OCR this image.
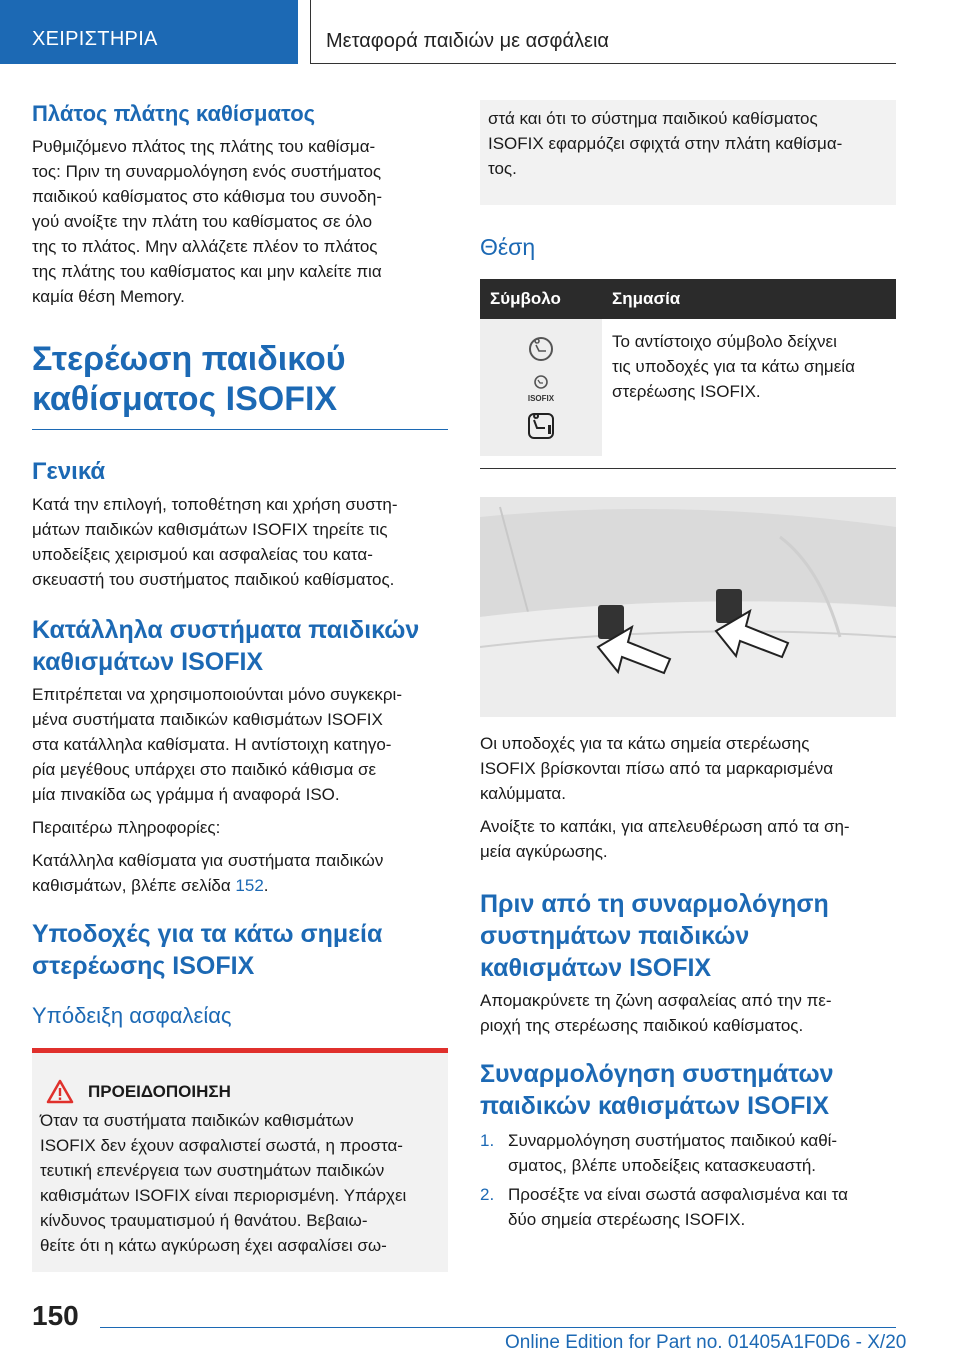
ΧΕΙΡΙΣΤΗΡΙΑ	Μεταφορά παιδιών με ασφάλεια
Πλάτος πλάτης καθίσματος

Ρυθμιζόμενο πλάτος της πλάτης του καθίσμα-
τος: Πριν τη συναρμολόγηση ενός συστήματος
παιδικού καθίσματος στο κάθισμα του συνοδη-
γού ανοίξτε την πλάτη του καθίσματος σε όλο
της το πλάτος. Μην αλλάζετε πλέον το πλάτος
της πλάτης του καθίσματος και μην καλείτε πια
καμία θέση Memory.

Στερέωση παιδικού
καθίσματος ISOFIX
Γενικά

Κατά την επιλογή, τοποθέτηση και χρήση συστη-
μάτων παιδικών καθισμάτων ISOFIX τηρείτε τις
υποδείξεις χειρισμού και ασφαλείας του κατα-
σκευαστή του συστήματος παιδικού καθίσματος.

Κατάλληλα συστήματα παιδικών
καθισμάτων ISOFIX

Επιτρέπεται να χρησιμοποιούνται μόνο συγκεκρι-
μένα συστήματα παιδικών καθισμάτων ISOFIX
στα κατάλληλα καθίσματα. Η αντίστοιχη κατηγο-
ρία μεγέθους υπάρχει στο παιδικό κάθισμα σε
μία πινακίδα ως γράμμα ή αναφορά ISO.

Περαιτέρω πληροφορίες:

Κατάλληλα καθίσματα για συστήματα παιδικών
καθισμάτων, βλέπε σελίδα 152.

Υποδοχές για τα κάτω σημεία
στερέωσης ISOFIX
Υπόδειξη ασφαλείας
ΠΡΟΕΙΔΟΠΟΙΗΣΗ

Όταν τα συστήματα παιδικών καθισμάτων
ISOFIX δεν έχουν ασφαλιστεί σωστά, η προστα-
τευτική επενέργεια των συστημάτων παιδικών
καθισμάτων ISOFIX είναι περιορισμένη. Υπάρχει
κίνδυνος τραυματισμού ή θανάτου. Βεβαιω-
θείτε ότι η κάτω αγκύρωση έχει ασφαλίσει σω-

στά και ότι το σύστημα παιδικού καθίσματος
ISOFIX εφαρμόζει σφιχτά στην πλάτη καθίσμα-
τος.

Θέση
Σύμβολο	Σημασία

ISOFIX	Το αντίστοιχο σύμβολο δείχνει
τις υποδοχές για τα κάτω σημεία
στερέωσης ISOFIX.

Οι υποδοχές για τα κάτω σημεία στερέωσης
ISOFIX βρίσκονται πίσω από τα μαρκαρισμένα
καλύμματα.

Ανοίξτε το καπάκι, για απελευθέρωση από τα ση-
μεία αγκύρωσης.

Πριν από τη συναρμολόγηση
συστημάτων παιδικών
καθισμάτων ISOFIX

Απομακρύνετε τη ζώνη ασφαλείας από την πε-
ριοχή της στερέωσης παιδικού καθίσματος.

Συναρμολόγηση συστημάτων
παιδικών καθισμάτων ISOFIX
1. Συναρμολόγηση συστήματος παιδικού καθί-
σματος, βλέπε υποδείξεις κατασκευαστή.
2. Προσέξτε να είναι σωστά ασφαλισμένα και τα
δύο σημεία στερέωσης ISOFIX.
150
Online Edition for Part no. 01405A1F0D6 - X/20
